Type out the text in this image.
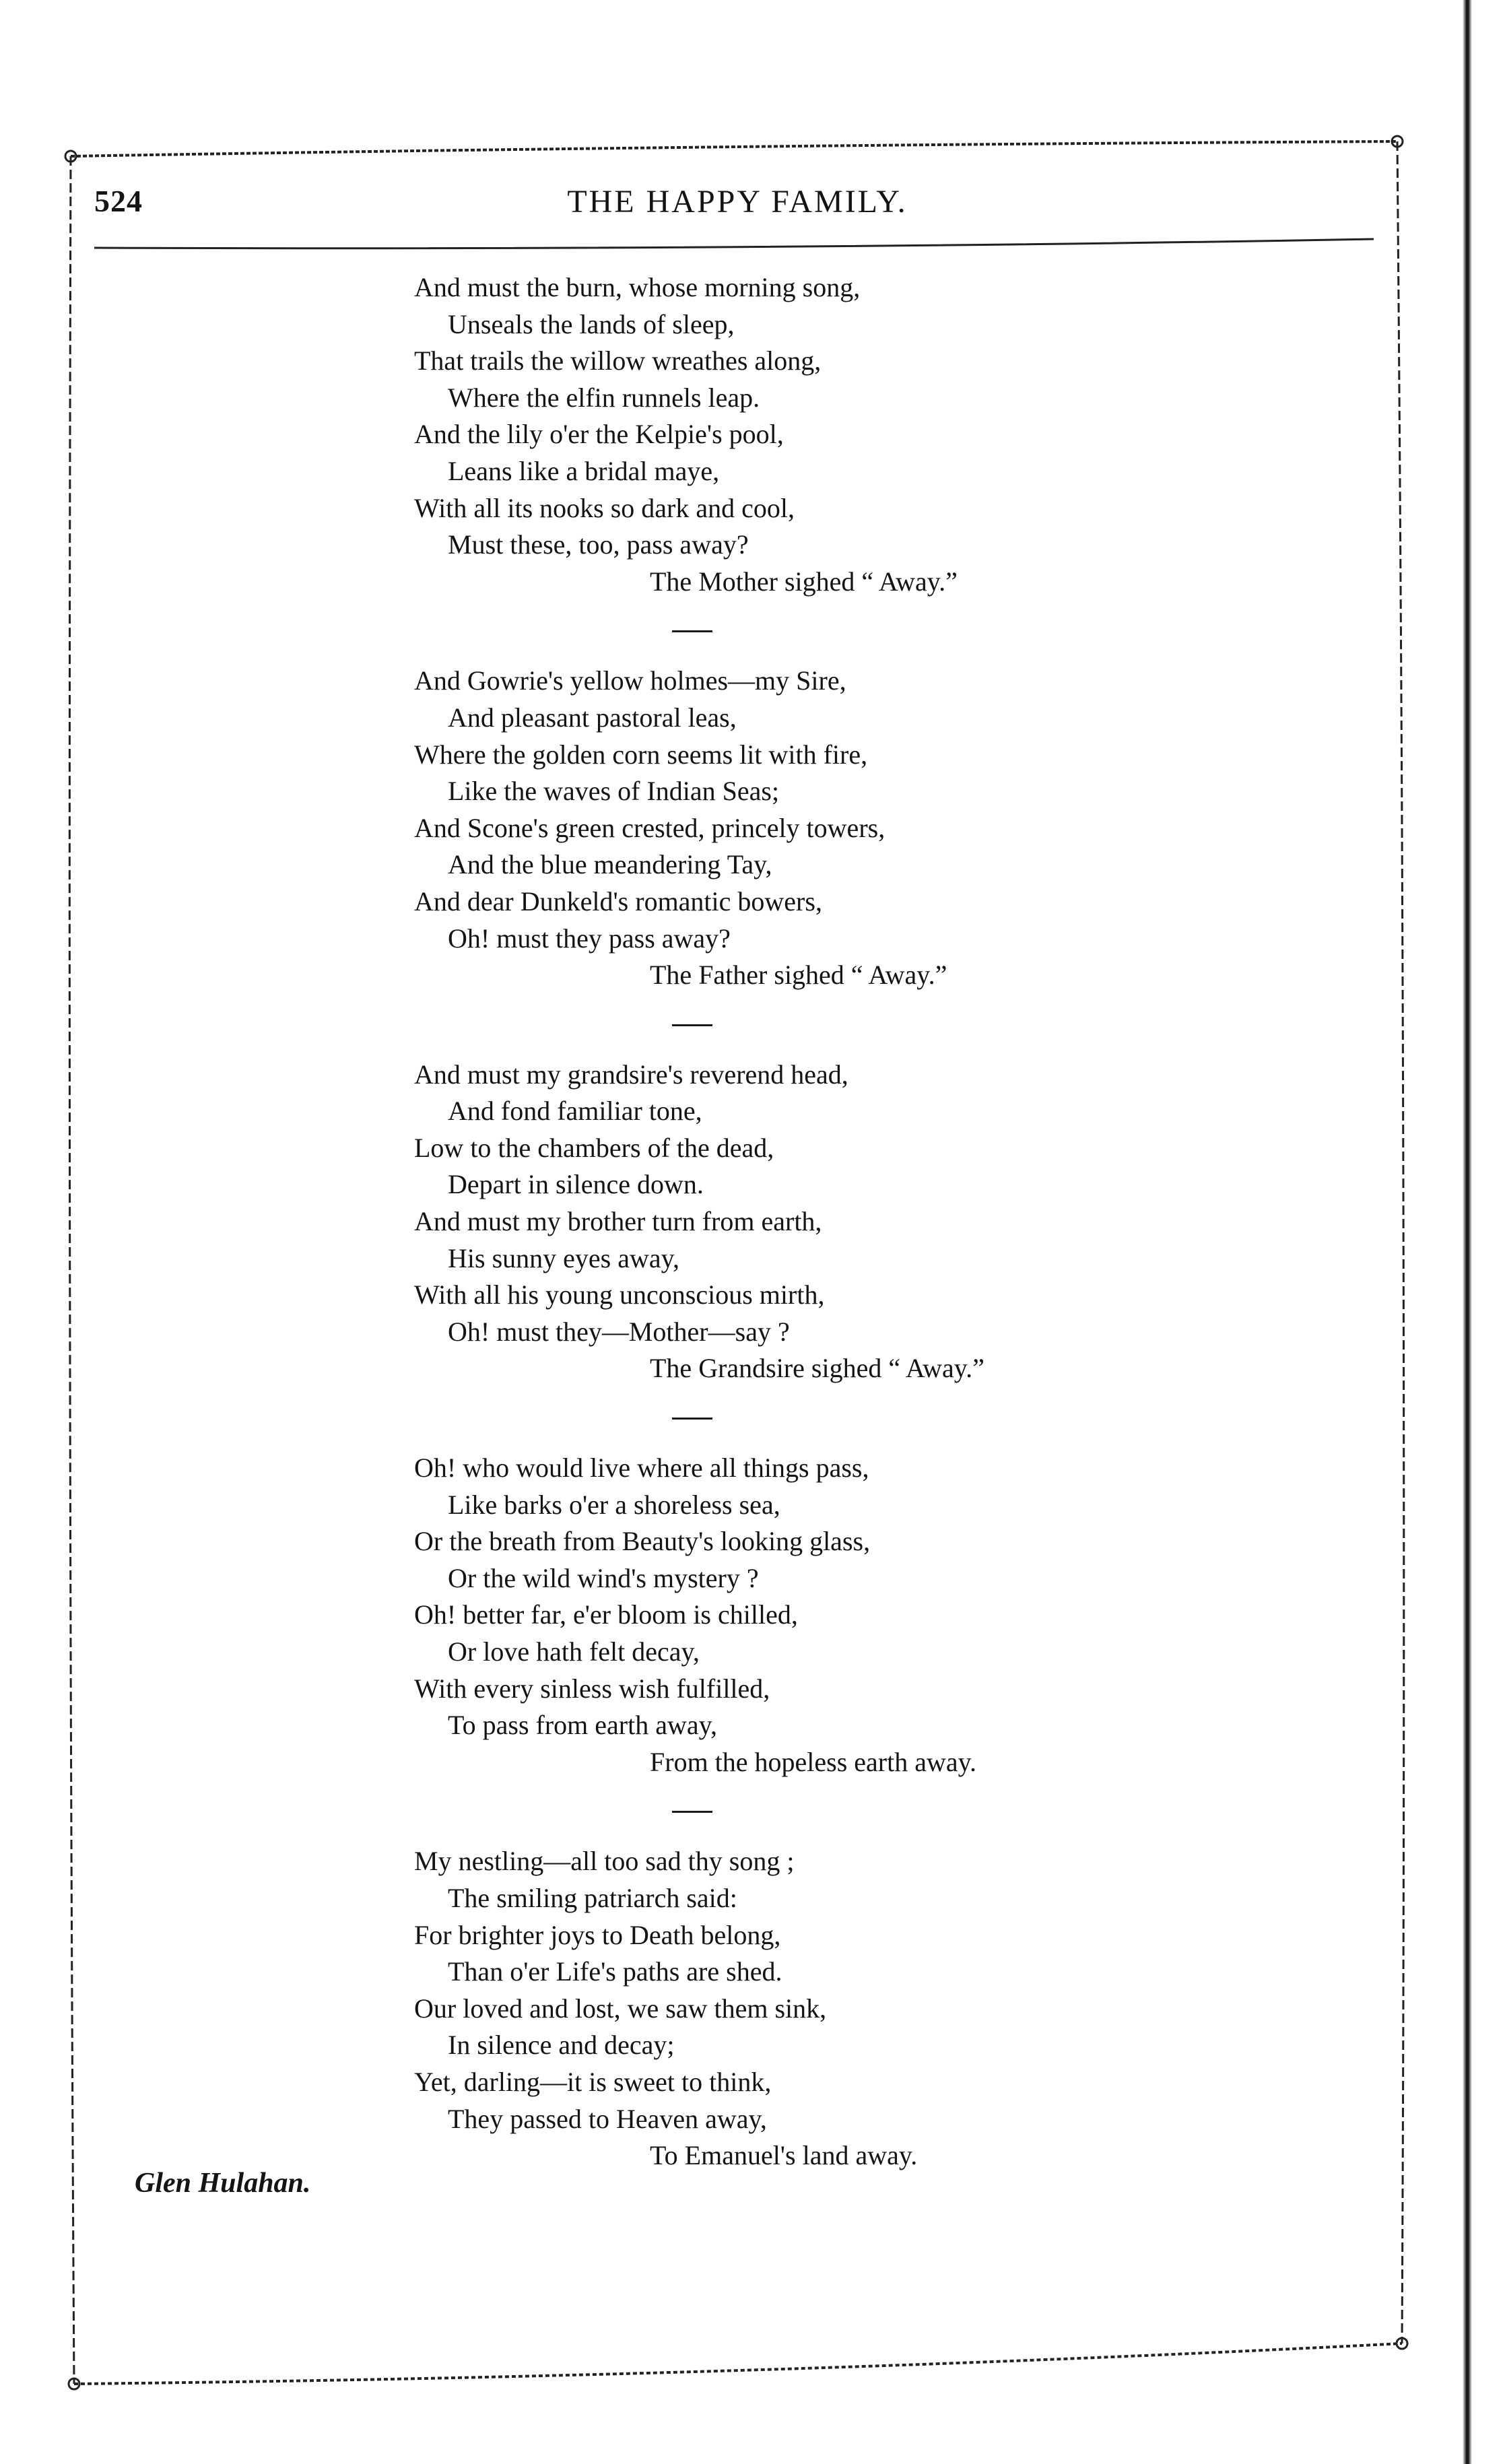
524	THE HAPPY FAMILY.
And must the burn, whose morning song,
Unseals the lands of sleep,
That trails the willow wreathes along,
Where the elfin runnels leap.
And the lily o'er the Kelpie's pool,
Leans like a bridal maye,
With all its nooks so dark and cool,
Must these, too, pass away?
The Mother sighed “ Away.”
And Gowrie's yellow holmes—my Sire,
And pleasant pastoral leas,
Where the golden corn seems lit with fire,
Like the waves of Indian Seas;
And Scone's green crested, princely towers,
And the blue meandering Tay,
And dear Dunkeld's romantic bowers,
Oh! must they pass away?
The Father sighed “ Away.”
And must my grandsire's reverend head,
And fond familiar tone,
Low to the chambers of the dead,
Depart in silence down.
And must my brother turn from earth,
His sunny eyes away,
With all his young unconscious mirth,
Oh! must they—Mother—say ?
The Grandsire sighed “ Away.”
Oh! who would live where all things pass,
Like barks o'er a shoreless sea,
Or the breath from Beauty's looking glass,
Or the wild wind's mystery ?
Oh! better far, e'er bloom is chilled,
Or love hath felt decay,
With every sinless wish fulfilled,
To pass from earth away,
From the hopeless earth away.
My nestling—all too sad thy song ;
The smiling patriarch said:
For brighter joys to Death belong,
Than o'er Life's paths are shed.
Our loved and lost, we saw them sink,
In silence and decay;
Yet, darling—it is sweet to think,
They passed to Heaven away,
To Emanuel's land away.
Glen Hulahan.
